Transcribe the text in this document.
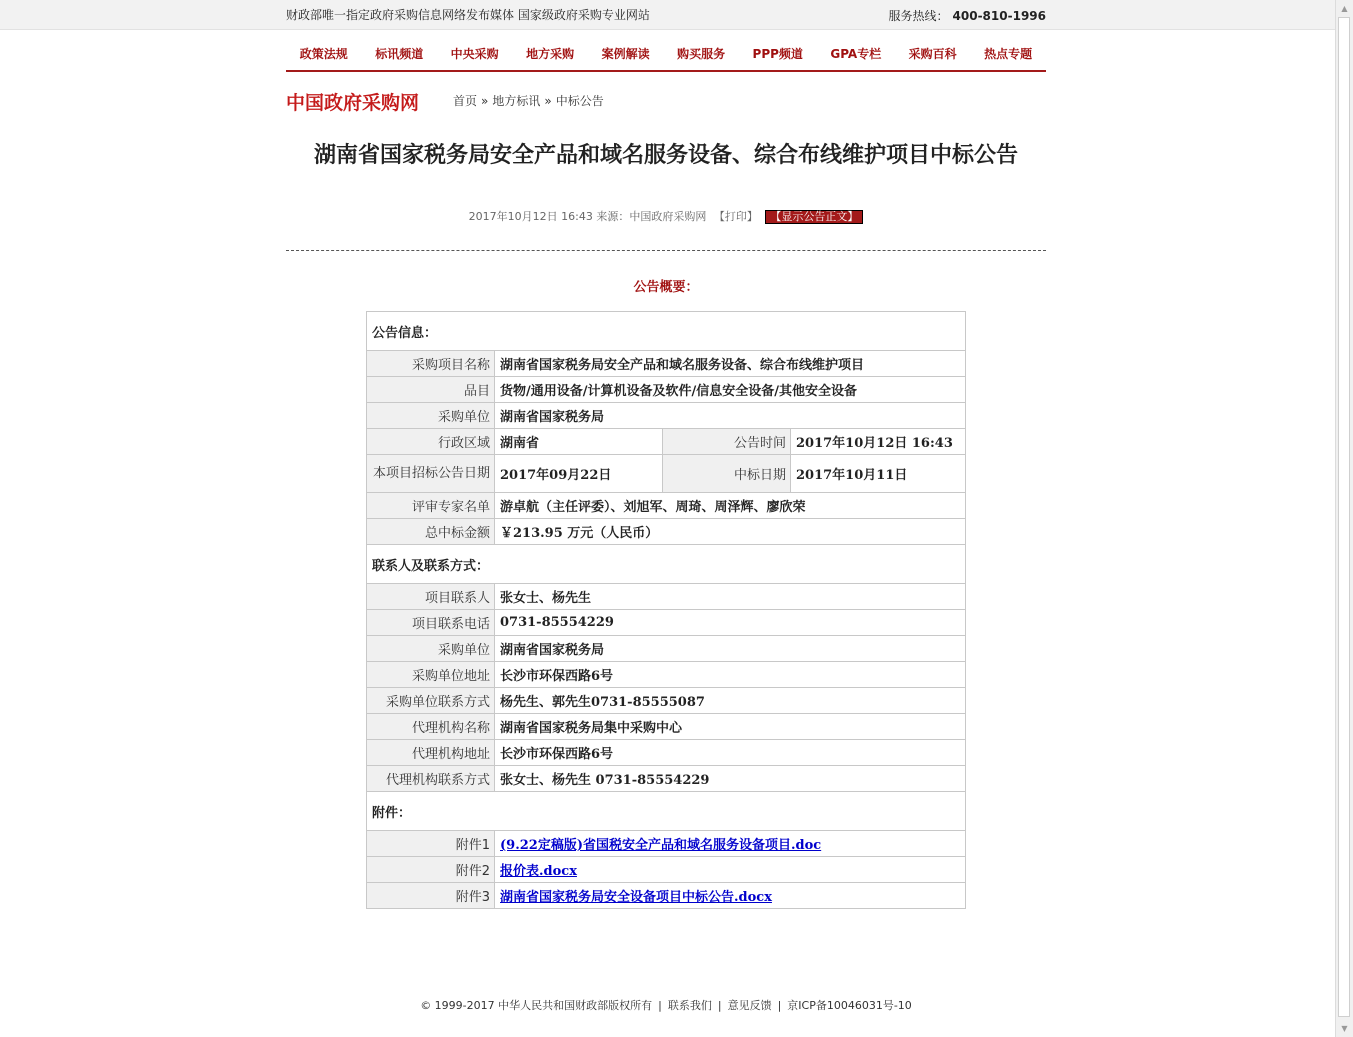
财政部唯一指定政府采购信息网络发布媒体 国家级政府采购专业网站	服务热线： 400-810-1996
▲
▼
政策法规 标讯频道 中央采购 地方采购 案例解读 购买服务 PPP频道 GPA专栏 采购百科 热点专题
中国政府采购网	首页 » 地方标讯 » 中标公告
湖南省国家税务局安全产品和域名服务设备、综合布线维护项目中标公告
2017年10月12日 16:43 来源：中国政府采购网 【打印】 【显示公告正文】
公告概要：
公告信息：			
采购项目名称	湖南省国家税务局安全产品和域名服务设备、综合布线维护项目		
品目	货物/通用设备/计算机设备及软件/信息安全设备/其他安全设备		
采购单位	湖南省国家税务局		
行政区域	湖南省	公告时间	2017年10月12日 16:43
本项目招标公告日期	2017年09月22日	中标日期	2017年10月11日
评审专家名单	游卓航（主任评委）、刘旭军、周琦、周泽辉、廖欣荣		
总中标金额	￥213.95 万元（人民币）		
联系人及联系方式：			
项目联系人	张女士、杨先生		
项目联系电话	0731-85554229		
采购单位	湖南省国家税务局		
采购单位地址	长沙市环保西路6号		
采购单位联系方式	杨先生、郭先生0731-85555087		
代理机构名称	湖南省国家税务局集中采购中心		
代理机构地址	长沙市环保西路6号		
代理机构联系方式	张女士、杨先生 0731-85554229		
附件：			
附件1	(9.22定稿版)省国税安全产品和域名服务设备项目.doc		
附件2	报价表.docx		
附件3	湖南省国家税务局安全设备项目中标公告.docx		
© 1999-2017 中华人民共和国财政部版权所有 | 联系我们 | 意见反馈 | 京ICP备10046031号-10
